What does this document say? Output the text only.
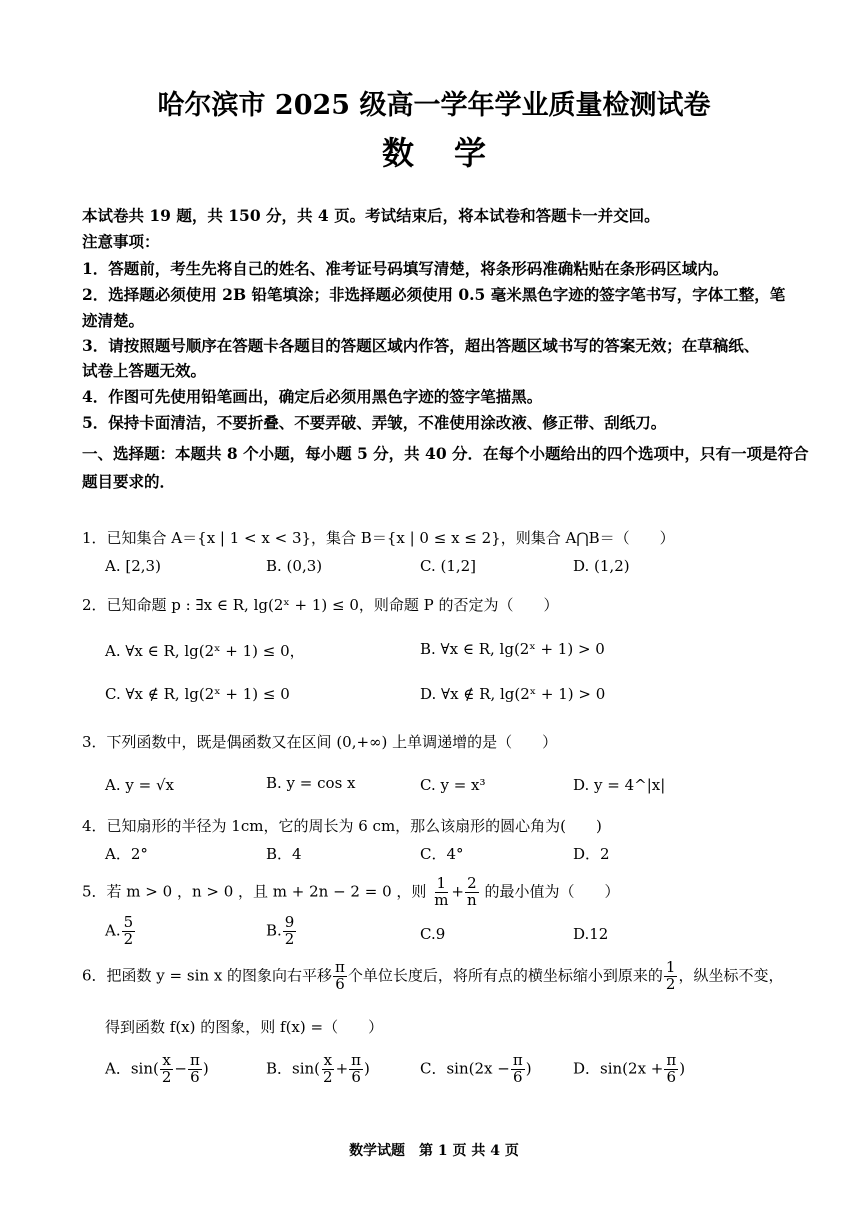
哈尔滨市 2025 级高一学年学业质量检测试卷
数学
本试卷共 19 题，共 150 分，共 4 页。考试结束后，将本试卷和答题卡一并交回。
注意事项：
1．答题前，考生先将自己的姓名、准考证号码填写清楚，将条形码准确粘贴在条形码区域内。
2．选择题必须使用 2B 铅笔填涂；非选择题必须使用 0.5 毫米黑色字迹的签字笔书写，字体工整，笔
迹清楚。
3．请按照题号顺序在答题卡各题目的答题区域内作答，超出答题区域书写的答案无效；在草稿纸、
试卷上答题无效。
4．作图可先使用铅笔画出，确定后必须用黑色字迹的签字笔描黑。
5．保持卡面清洁，不要折叠、不要弄破、弄皱，不准使用涂改液、修正带、刮纸刀。
一、选择题：本题共 8 个小题，每小题 5 分，共 40 分．在每个小题给出的四个选项中，只有一项是符合
题目要求的．
1．已知集合 A＝{x | 1 < x < 3}，集合 B＝{x | 0 ≤ x ≤ 2}，则集合 A⋂B＝（　　）
A. [2,3)	B. (0,3)	C. (1,2]	D. (1,2)
2．已知命题 p : ∃x ∈ R, lg(2ˣ + 1) ≤ 0，则命题 P 的否定为（　　）
A. ∀x ∈ R, lg(2ˣ + 1) ≤ 0，	B. ∀x ∈ R, lg(2ˣ + 1) > 0
C. ∀x ∉ R, lg(2ˣ + 1) ≤ 0	D. ∀x ∉ R, lg(2ˣ + 1) > 0
3．下列函数中，既是偶函数又在区间 (0,+∞) 上单调递增的是（　　）
A. y = √x	B. y = cos x	C. y = x³	D. y = 4^|x|
4．已知扇形的半径为 1cm，它的周长为 6 cm，那么该扇形的圆心角为(　　)
A．2°	B．4	C．4°	D．2
5．若 m > 0 ，n > 0 ，且 m + 2n − 2 = 0 ，则 $\frac{1}{m} + \frac{2}{n}$ 的最小值为（　　）
A. $\frac{5}{2}$	B. $\frac{9}{2}$	C.9	D.12
6．把函数 y = sin x 的图象向右平移 $\frac{\pi}{6}$ 个单位长度后，将所有点的横坐标缩小到原来的 $\frac{1}{2}$ ，纵坐标不变，
得到函数 f(x) 的图象，则 f(x) =（　　）
A．$\sin( \frac{x}{2} - \frac{\pi}{6}$ )	B．$\sin( \frac{x}{2} + \frac{\pi}{6}$ )	C．$\sin(2x - \frac{\pi}{6}$ )	D．$\sin(2x + \frac{\pi}{6}$ )
数学试题　第 1 页 共 4 页
